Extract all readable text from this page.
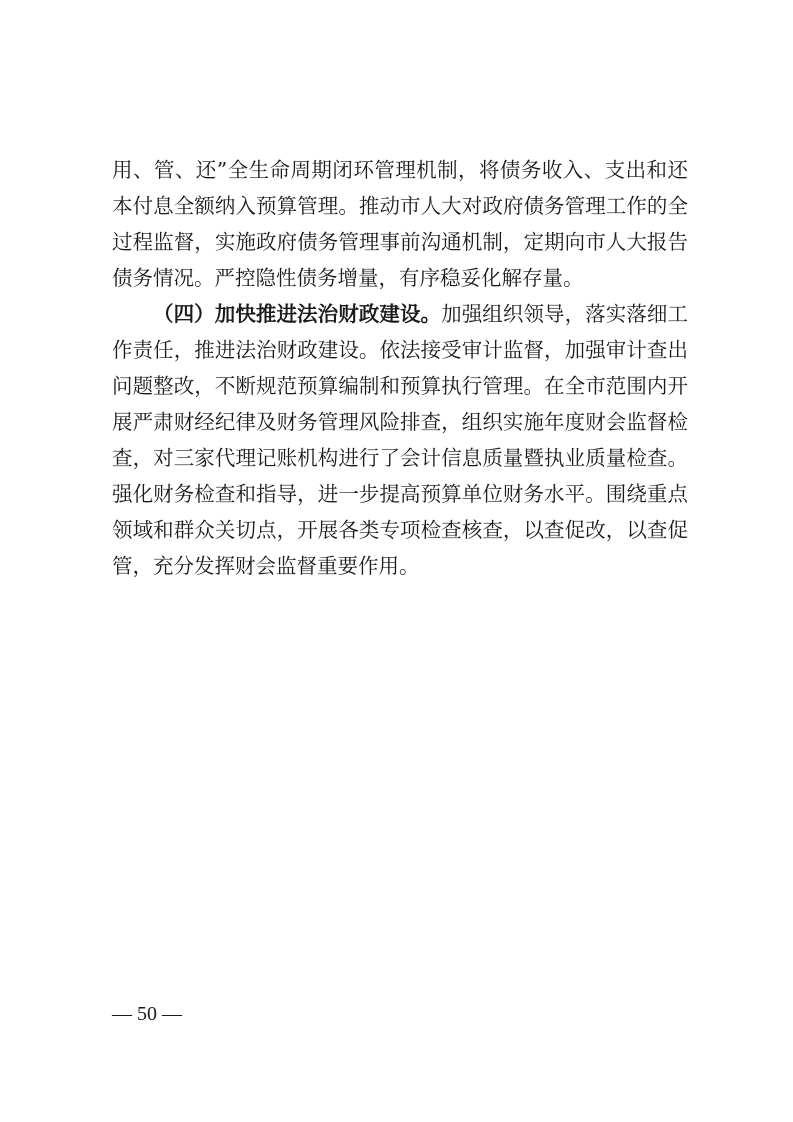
用、管、还”全生命周期闭环管理机制，将债务收入、支出和还
本付息全额纳入预算管理。推动市人大对政府债务管理工作的全
过程监督，实施政府债务管理事前沟通机制，定期向市人大报告
债务情况。严控隐性债务增量，有序稳妥化解存量。
（四）加快推进法治财政建设。加强组织领导，落实落细工
作责任，推进法治财政建设。依法接受审计监督，加强审计查出
问题整改，不断规范预算编制和预算执行管理。在全市范围内开
展严肃财经纪律及财务管理风险排查，组织实施年度财会监督检
查，对三家代理记账机构进行了会计信息质量暨执业质量检查。
强化财务检查和指导，进一步提高预算单位财务水平。围绕重点
领域和群众关切点，开展各类专项检查核查，以查促改，以查促
管，充分发挥财会监督重要作用。
— 50 —
